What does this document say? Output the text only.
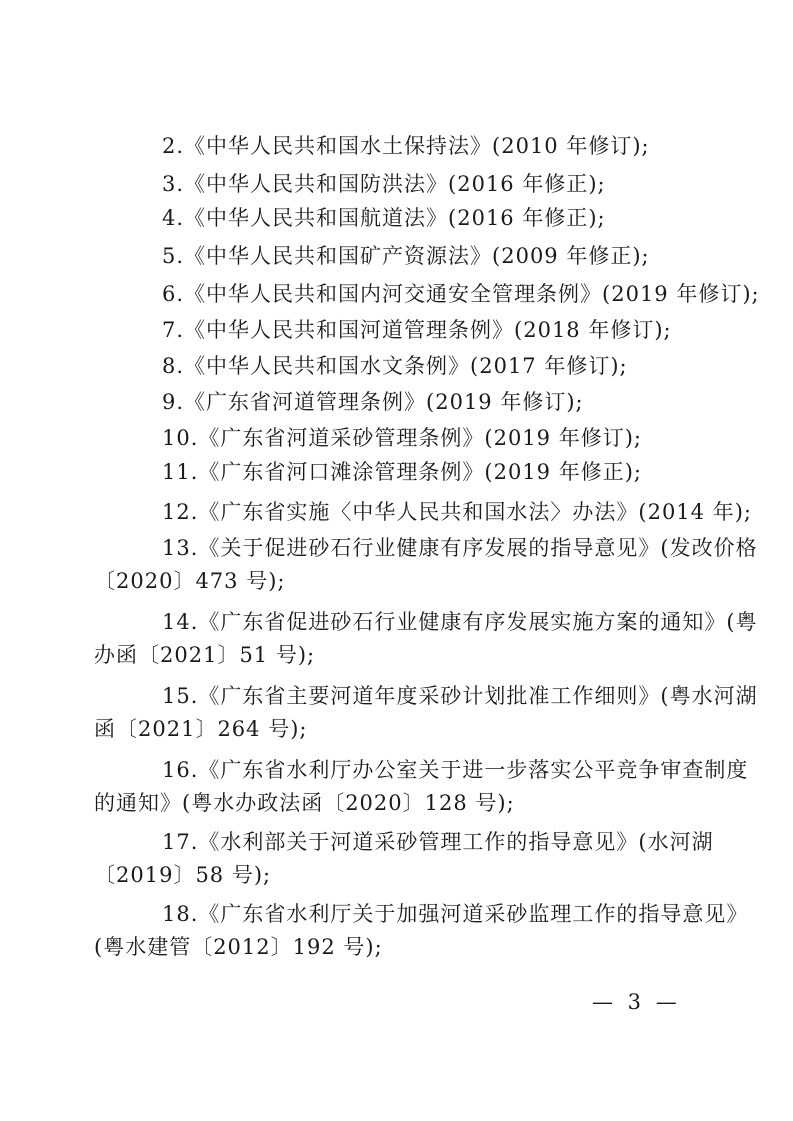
2.《中华人民共和国水土保持法》(2010 年修订);
3.《中华人民共和国防洪法》(2016 年修正);
4.《中华人民共和国航道法》(2016 年修正);
5.《中华人民共和国矿产资源法》(2009 年修正);
6.《中华人民共和国内河交通安全管理条例》(2019 年修订);
7.《中华人民共和国河道管理条例》(2018 年修订);
8.《中华人民共和国水文条例》(2017 年修订);
9.《广东省河道管理条例》(2019 年修订);
10.《广东省河道采砂管理条例》(2019 年修订);
11.《广东省河口滩涂管理条例》(2019 年修正);
12.《广东省实施〈中华人民共和国水法〉办法》(2014 年);
13.《关于促进砂石行业健康有序发展的指导意见》(发改价格
〔2020〕473 号);
14.《广东省促进砂石行业健康有序发展实施方案的通知》(粤
办函〔2021〕51 号);
15.《广东省主要河道年度采砂计划批准工作细则》(粤水河湖
函〔2021〕264 号);
16.《广东省水利厅办公室关于进一步落实公平竞争审查制度
的通知》(粤水办政法函〔2020〕128 号);
17.《水利部关于河道采砂管理工作的指导意见》(水河湖
〔2019〕58 号);
18.《广东省水利厅关于加强河道采砂监理工作的指导意见》
(粤水建管〔2012〕192 号);
— 3 —
